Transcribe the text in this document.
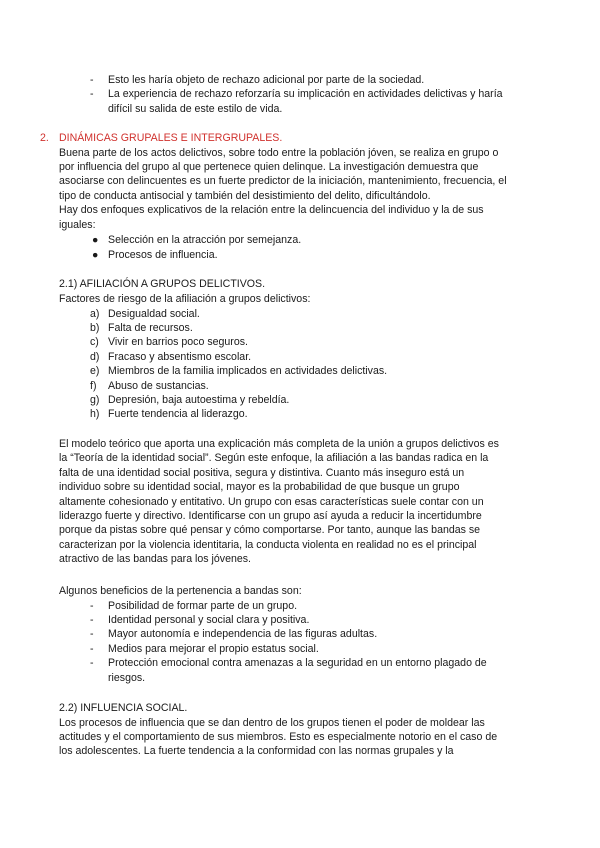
- Esto les haría objeto de rechazo adicional por parte de la sociedad.
- La experiencia de rechazo reforzaría su implicación en actividades delictivas y haría
difícil su salida de este estilo de vida.
2. DINÁMICAS GRUPALES E INTERGRUPALES.
Buena parte de los actos delictivos, sobre todo entre la población jóven, se realiza en grupo o
por influencia del grupo al que pertenece quien delinque. La investigación demuestra que
asociarse con delincuentes es un fuerte predictor de la iniciación, mantenimiento, frecuencia, el
tipo de conducta antisocial y también del desistimiento del delito, dificultándolo.
Hay dos enfoques explicativos de la relación entre la delincuencia del individuo y la de sus
iguales:
● Selección en la atracción por semejanza.
● Procesos de influencia.
2.1) AFILIACIÓN A GRUPOS DELICTIVOS.
Factores de riesgo de la afiliación a grupos delictivos:
a) Desigualdad social.
b) Falta de recursos.
c) Vivir en barrios poco seguros.
d) Fracaso y absentismo escolar.
e) Miembros de la familia implicados en actividades delictivas.
f) Abuso de sustancias.
g) Depresión, baja autoestima y rebeldía.
h) Fuerte tendencia al liderazgo.
El modelo teórico que aporta una explicación más completa de la unión a grupos delictivos es
la “Teoría de la identidad social”. Según este enfoque, la afiliación a las bandas radica en la
falta de una identidad social positiva, segura y distintiva. Cuanto más inseguro está un
individuo sobre su identidad social, mayor es la probabilidad de que busque un grupo
altamente cohesionado y entitativo. Un grupo con esas características suele contar con un
liderazgo fuerte y directivo. Identificarse con un grupo así ayuda a reducir la incertidumbre
porque da pistas sobre qué pensar y cómo comportarse. Por tanto, aunque las bandas se
caracterizan por la violencia identitaria, la conducta violenta en realidad no es el principal
atractivo de las bandas para los jóvenes.
Algunos beneficios de la pertenencia a bandas son:
- Posibilidad de formar parte de un grupo.
- Identidad personal y social clara y positiva.
- Mayor autonomía e independencia de las figuras adultas.
- Medios para mejorar el propio estatus social.
- Protección emocional contra amenazas a la seguridad en un entorno plagado de
riesgos.
2.2) INFLUENCIA SOCIAL.
Los procesos de influencia que se dan dentro de los grupos tienen el poder de moldear las
actitudes y el comportamiento de sus miembros. Esto es especialmente notorio en el caso de
los adolescentes. La fuerte tendencia a la conformidad con las normas grupales y la
